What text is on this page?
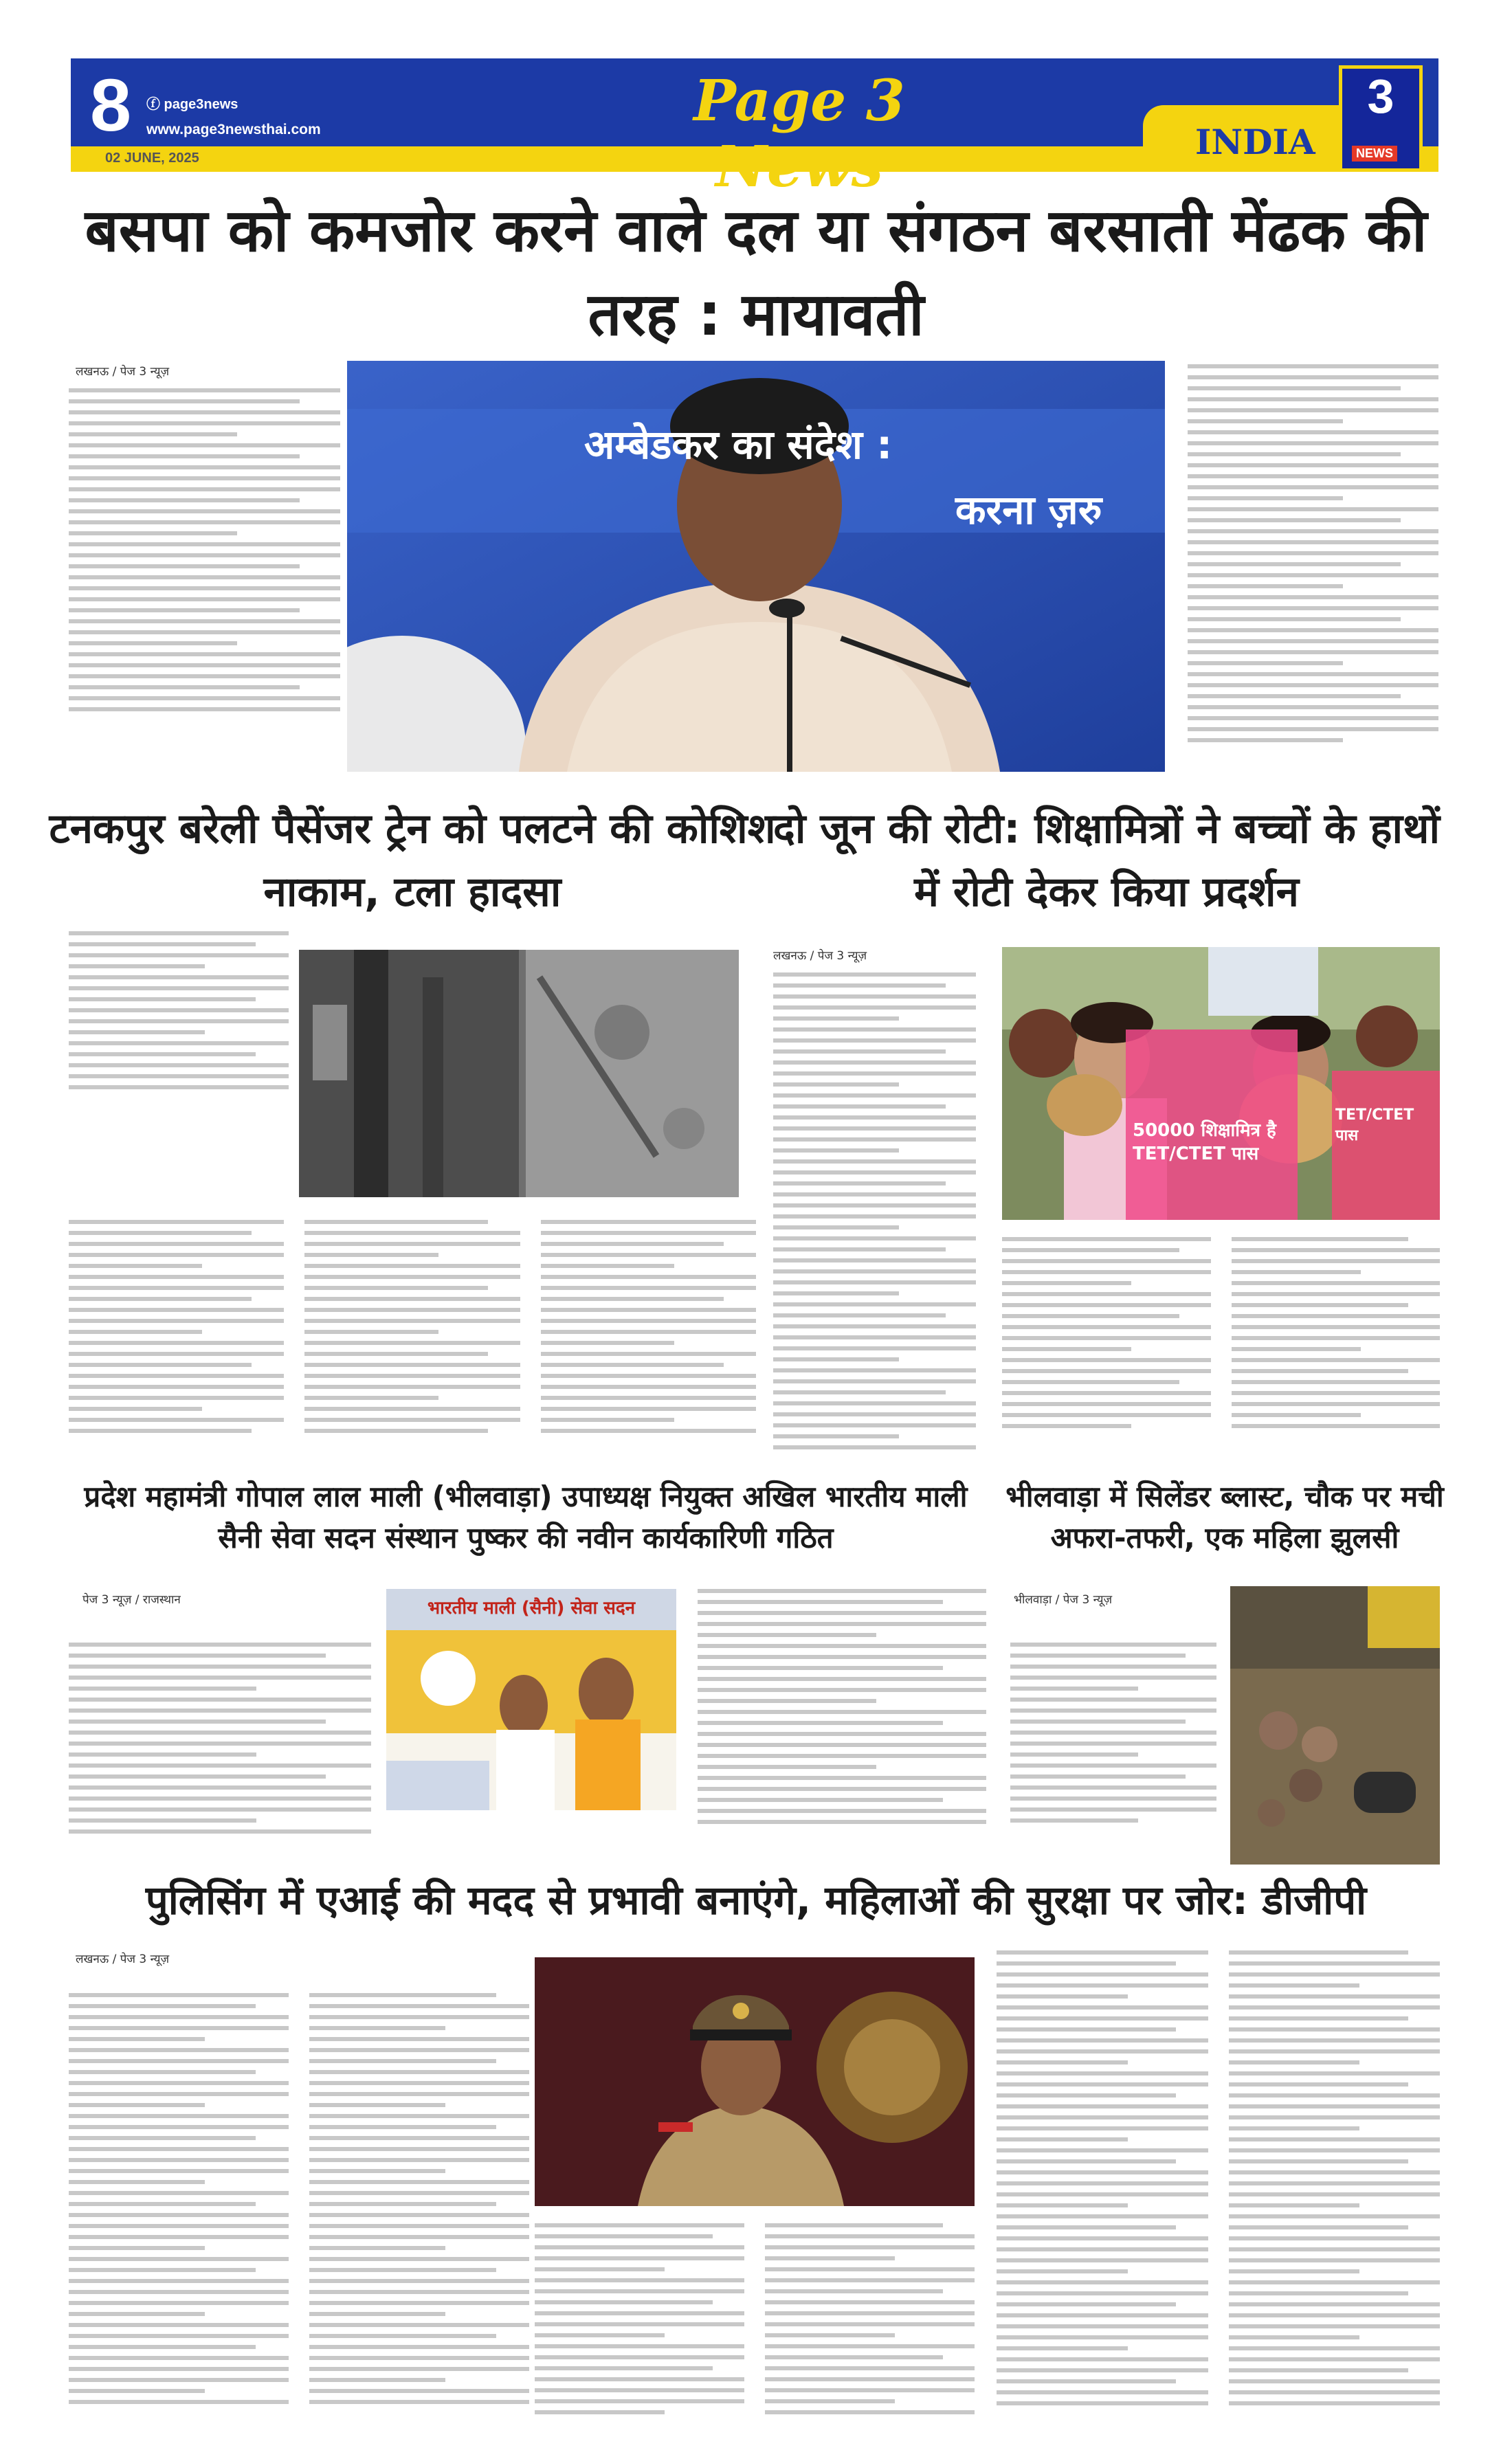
8 ⓕ page3news
www.page3newsthai.com
02 JUNE, 2025
Page 3 News	INDIA
3
NEWS
बसपा को कमजोर करने वाले दल या संगठन बरसाती मेंढक की तरह : मायावती
लखनऊ / पेज 3 न्यूज़
अम्बेडकर का संदेश :
करना ज़रु
टनकपुर बरेली पैसेंजर ट्रेन को पलटने की कोशिश नाकाम, टला हादसा
दो जून की रोटी: शिक्षामित्रों ने बच्चों के हाथों में रोटी देकर किया प्रदर्शन
लखनऊ / पेज 3 न्यूज़
50000 शिक्षामित्र है TET/CTET पास
TET/CTET पास
प्रदेश महामंत्री गोपाल लाल माली (भीलवाड़ा) उपाध्यक्ष नियुक्त अखिल भारतीय माली सैनी सेवा सदन संस्थान पुष्कर की नवीन कार्यकारिणी गठित
पेज 3 न्यूज़ / राजस्थान	भारतीय माली (सैनी) सेवा सदन
भीलवाड़ा में सिलेंडर ब्लास्ट, चौक पर मची अफरा-तफरी, एक महिला झुलसी
भीलवाड़ा / पेज 3 न्यूज़
पुलिसिंग में एआई की मदद से प्रभावी बनाएंगे, महिलाओं की सुरक्षा पर जोर: डीजीपी
लखनऊ / पेज 3 न्यूज़
